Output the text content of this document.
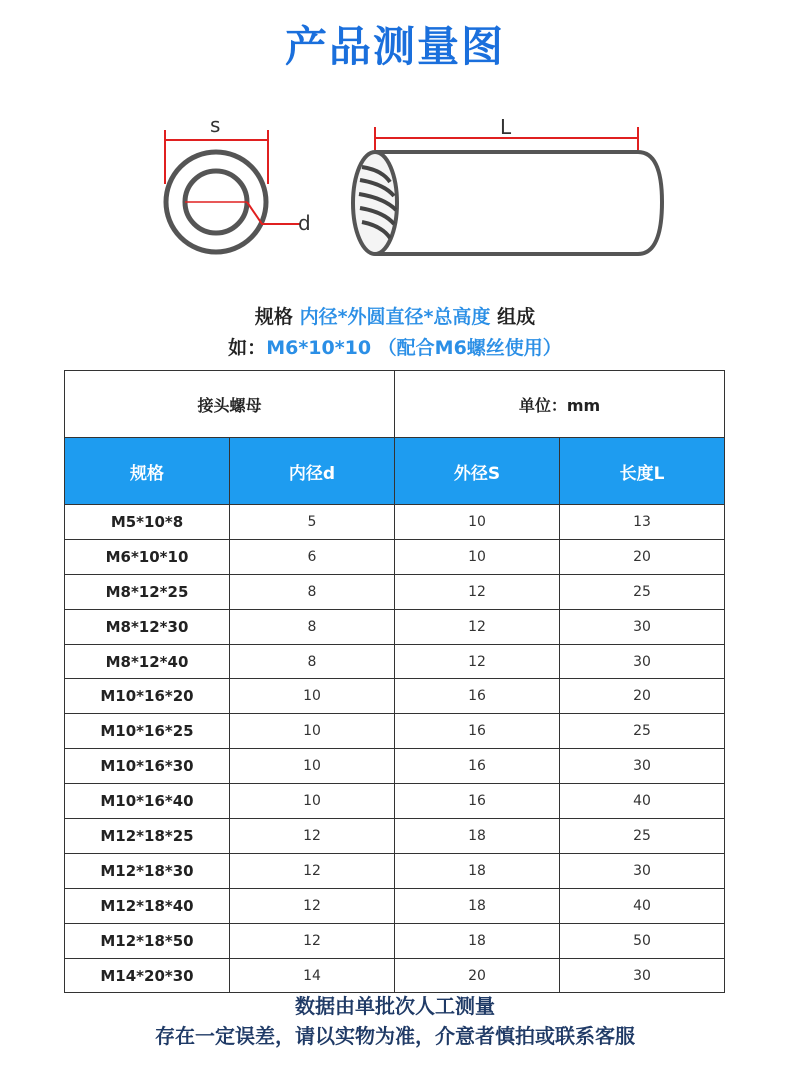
产品测量图
s
d
L
规格 内径*外圆直径*总高度 组成
如：M6*10*10 （配合M6螺丝使用）
接头螺母		单位：mm	
规格	内径d	外径S	长度L
M5*10*8	5	10	13
M6*10*10	6	10	20
M8*12*25	8	12	25
M8*12*30	8	12	30
M8*12*40	8	12	30
M10*16*20	10	16	20
M10*16*25	10	16	25
M10*16*30	10	16	30
M10*16*40	10	16	40
M12*18*25	12	18	25
M12*18*30	12	18	30
M12*18*40	12	18	40
M12*18*50	12	18	50
M14*20*30	14	20	30
数据由单批次人工测量
存在一定误差，请以实物为准，介意者慎拍或联系客服
